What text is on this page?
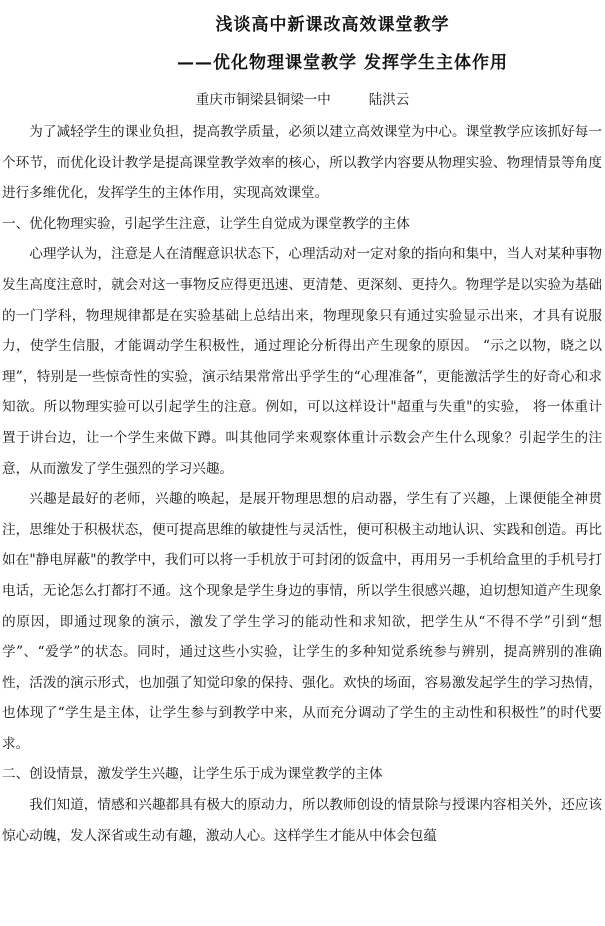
浅谈高中新课改高效课堂教学
——优化物理课堂教学 发挥学生主体作用
重庆市铜梁县铜梁一中	陆洪云

为了减轻学生的课业负担，提高教学质量，必须以建立高效课堂为中心。课堂教学应该抓好每一个环节，而优化设计教学是提高课堂教学效率的核心，所以教学内容要从物理实验、物理情景等角度进行多维优化，发挥学生的主体作用，实现高效课堂。

一、优化物理实验，引起学生注意，让学生自觉成为课堂教学的主体

心理学认为，注意是人在清醒意识状态下，心理活动对一定对象的指向和集中，当人对某种事物发生高度注意时，就会对这一事物反应得更迅速、更清楚、更深刻、更持久。物理学是以实验为基础的一门学科，物理规律都是在实验基础上总结出来，物理现象只有通过实验显示出来，才具有说服力，使学生信服，才能调动学生积极性，通过理论分析得出产生现象的原因。 “示之以物，晓之以理”，特别是一些惊奇性的实验，演示结果常常出乎学生的“心理准备”，更能激活学生的好奇心和求知欲。所以物理实验可以引起学生的注意。例如，可以这样设计"超重与失重"的实验， 将一体重计置于讲台边，让一个学生来做下蹲。叫其他同学来观察体重计示数会产生什么现象？引起学生的注意，从而激发了学生强烈的学习兴趣。

兴趣是最好的老师，兴趣的唤起，是展开物理思想的启动器，学生有了兴趣，上课便能全神贯注，思维处于积极状态，便可提高思维的敏捷性与灵活性，便可积极主动地认识、实践和创造。再比如在"静电屏蔽"的教学中，我们可以将一手机放于可封闭的饭盒中，再用另一手机给盒里的手机号打电话，无论怎么打都打不通。这个现象是学生身边的事情，所以学生很感兴趣，迫切想知道产生现象的原因，即通过现象的演示，激发了学生学习的能动性和求知欲，把学生从“不得不学”引到“想学”、“爱学”的状态。同时，通过这些小实验，让学生的多种知觉系统参与辨别，提高辨别的准确性，活泼的演示形式，也加强了知觉印象的保持、强化。欢快的场面，容易激发起学生的学习热情，也体现了“学生是主体，让学生参与到教学中来，从而充分调动了学生的主动性和积极性”的时代要求。

二、创设情景，激发学生兴趣，让学生乐于成为课堂教学的主体

我们知道，情感和兴趣都具有极大的原动力，所以教师创设的情景除与授课内容相关外，还应该惊心动魄，发人深省或生动有趣，激动人心。这样学生才能从中体会包蕴
